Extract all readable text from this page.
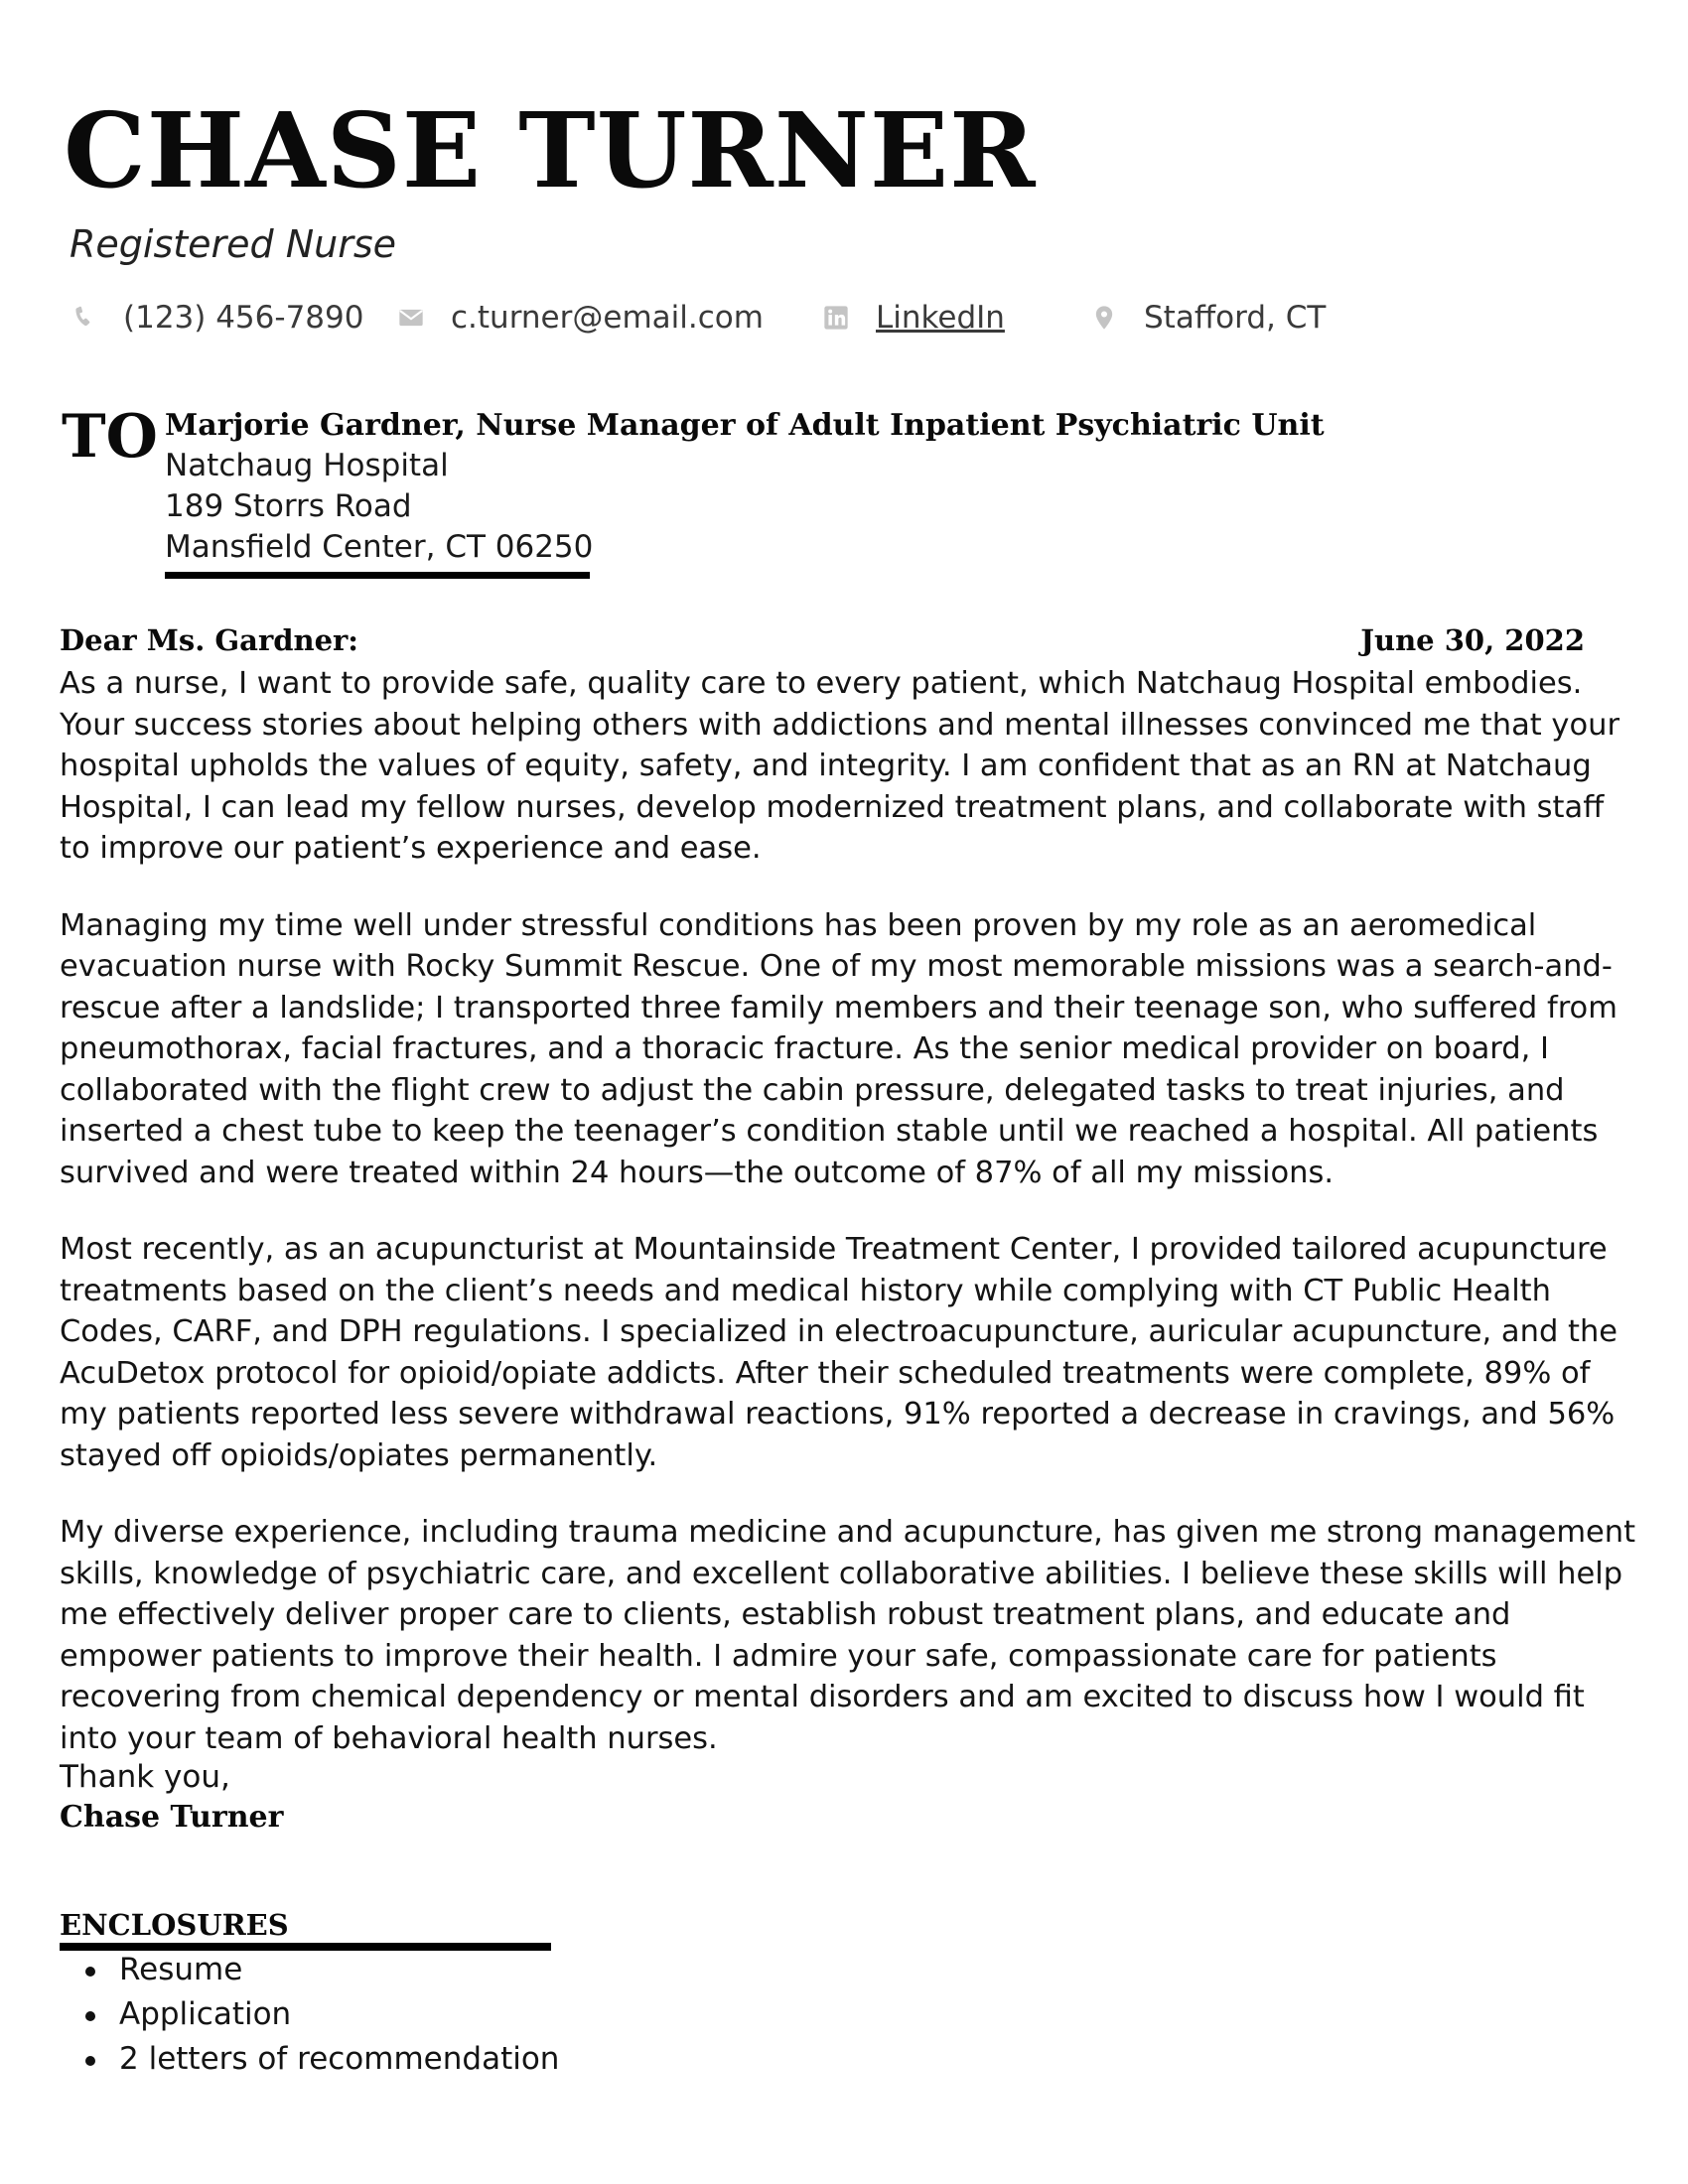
CHASE TURNER
Registered Nurse
(123) 456-7890	c.turner@email.com	LinkedIn	Stafford, CT
TO Marjorie Gardner, Nurse Manager of Adult Inpatient Psychiatric Unit
Natchaug Hospital
189 Storrs Road
Mansfield Center, CT 06250
Dear Ms. Gardner:	June 30, 2022

As a nurse, I want to provide safe, quality care to every patient, which Natchaug Hospital embodies. Your success stories about helping others with addictions and mental illnesses convinced me that your hospital upholds the values of equity, safety, and integrity. I am confident that as an RN at Natchaug Hospital, I can lead my fellow nurses, develop modernized treatment plans, and collaborate with staff to improve our patient’s experience and ease.

Managing my time well under stressful conditions has been proven by my role as an aeromedical evacuation nurse with Rocky Summit Rescue. One of my most memorable missions was a search-and-rescue after a landslide; I transported three family members and their teenage son, who suffered from pneumothorax, facial fractures, and a thoracic fracture. As the senior medical provider on board, I collaborated with the flight crew to adjust the cabin pressure, delegated tasks to treat injuries, and inserted a chest tube to keep the teenager’s condition stable until we reached a hospital. All patients survived and were treated within 24 hours—the outcome of 87% of all my missions.

Most recently, as an acupuncturist at Mountainside Treatment Center, I provided tailored acupuncture treatments based on the client’s needs and medical history while complying with CT Public Health Codes, CARF, and DPH regulations. I specialized in electroacupuncture, auricular acupuncture, and the AcuDetox protocol for opioid/opiate addicts. After their scheduled treatments were complete, 89% of my patients reported less severe withdrawal reactions, 91% reported a decrease in cravings, and 56% stayed off opioids/opiates permanently.

My diverse experience, including trauma medicine and acupuncture, has given me strong management skills, knowledge of psychiatric care, and excellent collaborative abilities. I believe these skills will help me effectively deliver proper care to clients, establish robust treatment plans, and educate and empower patients to improve their health. I admire your safe, compassionate care for patients recovering from chemical dependency or mental disorders and am excited to discuss how I would fit into your team of behavioral health nurses.

Thank you,
Chase Turner
ENCLOSURES
Resume
Application
2 letters of recommendation
